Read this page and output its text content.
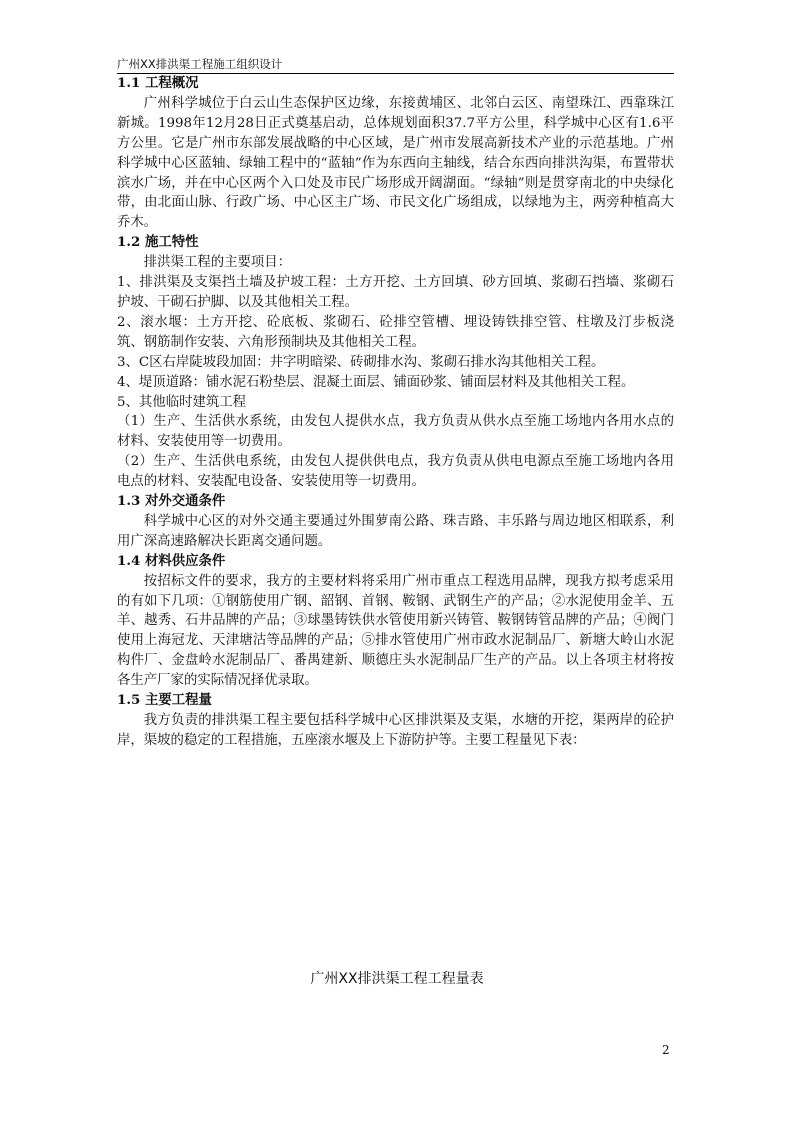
广州XX排洪渠工程施工组织设计

1.1 工程概况

广州科学城位于白云山生态保护区边缘，东接黄埔区、北邻白云区、南望珠江、西靠珠江新城。1998年12月28日正式奠基启动，总体规划面积37.7平方公里，科学城中心区有1.6平方公里。它是广州市东部发展战略的中心区域，是广州市发展高新技术产业的示范基地。广州科学城中心区蓝轴、绿轴工程中的“蓝轴”作为东西向主轴线，结合东西向排洪沟渠，布置带状滨水广场，并在中心区两个入口处及市民广场形成开阔湖面。“绿轴”则是贯穿南北的中央绿化带，由北面山脉、行政广场、中心区主广场、市民文化广场组成，以绿地为主，两旁种植高大乔木。

1.2 施工特性

排洪渠工程的主要项目：

1、排洪渠及支渠挡土墙及护坡工程：土方开挖、土方回填、砂方回填、浆砌石挡墙、浆砌石护坡、干砌石护脚、以及其他相关工程。

2、滚水堰：土方开挖、砼底板、浆砌石、砼排空管槽、埋设铸铁排空管、柱墩及汀步板浇筑、钢筋制作安装、六角形预制块及其他相关工程。

3、C区右岸陡坡段加固：井字明暗梁、砖砌排水沟、浆砌石排水沟其他相关工程。

4、堤顶道路：铺水泥石粉垫层、混凝土面层、铺面砂浆、铺面层材料及其他相关工程。

5、其他临时建筑工程

（1）生产、生活供水系统，由发包人提供水点，我方负责从供水点至施工场地内各用水点的材料、安装使用等一切费用。

（2）生产、生活供电系统，由发包人提供供电点，我方负责从供电电源点至施工场地内各用电点的材料、安装配电设备、安装使用等一切费用。

1.3 对外交通条件

科学城中心区的对外交通主要通过外围萝南公路、珠吉路、丰乐路与周边地区相联系，利用广深高速路解决长距离交通问题。

1.4 材料供应条件

按招标文件的要求，我方的主要材料将采用广州市重点工程选用品牌，现我方拟考虑采用的有如下几项：①钢筋使用广钢、韶钢、首钢、鞍钢、武钢生产的产品；②水泥使用金羊、五羊、越秀、石井品牌的产品；③球墨铸铁供水管使用新兴铸管、鞍钢铸管品牌的产品；④阀门使用上海冠龙、天津塘沽等品牌的产品；⑤排水管使用广州市政水泥制品厂、新塘大岭山水泥构件厂、金盘岭水泥制品厂、番禺建新、顺德庄头水泥制品厂生产的产品。以上各项主材将按各生产厂家的实际情况择优录取。

1.5 主要工程量

我方负责的排洪渠工程主要包括科学城中心区排洪渠及支渠，水塘的开挖，渠两岸的砼护岸，渠坡的稳定的工程措施，五座滚水堰及上下游防护等。主要工程量见下表：

广州XX排洪渠工程工程量表
2
